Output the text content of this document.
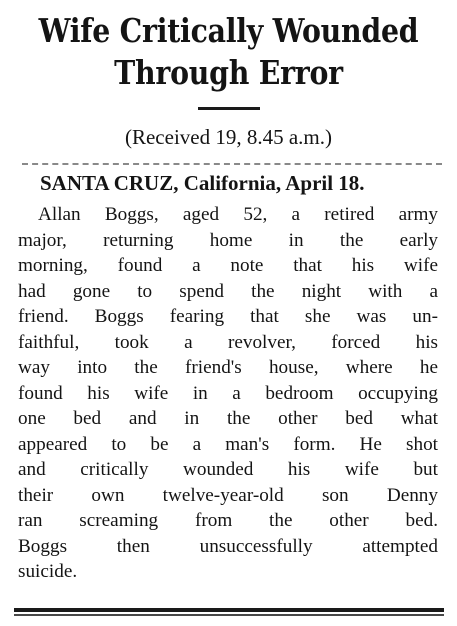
Wife Critically Wounded
Through Error
(Received 19, 8.45 a.m.)
SANTA CRUZ, California, April 18.
Allan Boggs, aged 52, a retired army
major, returning home in the early
morning, found a note that his wife
had gone to spend the night with a
friend. Boggs fearing that she was un-
faithful, took a revolver, forced his
way into the friend's house, where he
found his wife in a bedroom occupying
one bed and in the other bed what
appeared to be a man's form. He shot
and critically wounded his wife but
their own twelve-year-old son Denny
ran screaming from the other bed.
Boggs then unsuccessfully attempted
suicide.
